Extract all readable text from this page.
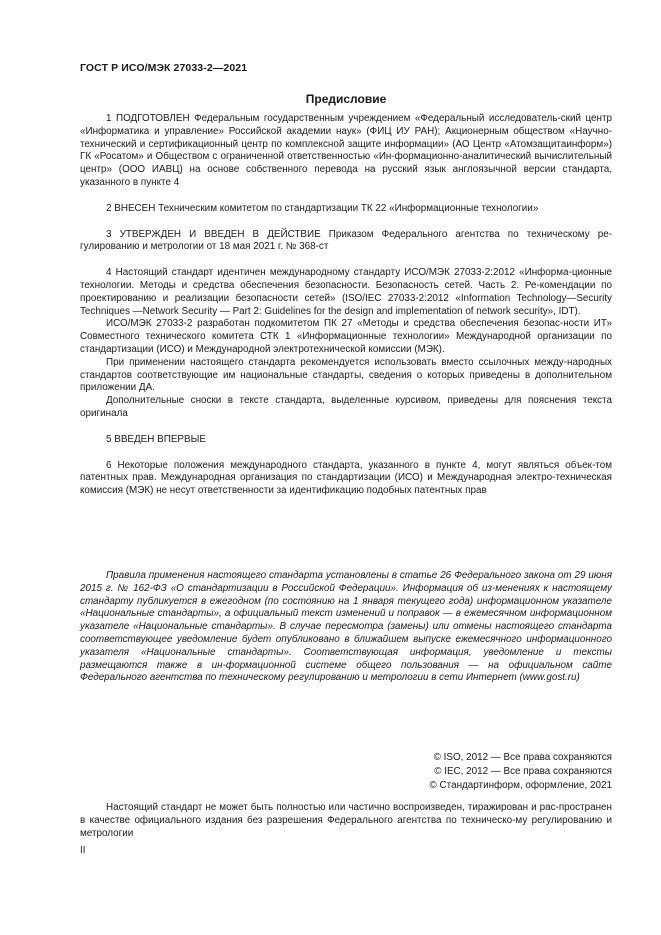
ГОСТ Р ИСО/МЭК 27033-2—2021
Предисловие

1 ПОДГОТОВЛЕН Федеральным государственным учреждением «Федеральный исследователь-ский центр «Информатика и управление» Российской академии наук» (ФИЦ ИУ РАН); Акционерным обществом «Научно-технический и сертификационный центр по комплексной защите информации» (АО Центр «Атомзащитаинформ») ГК «Росатом» и Обществом с ограниченной ответственностью «Ин-формационно-аналитический вычислительный центр» (ООО ИАВЦ) на основе собственного перевода на русский язык англоязычной версии стандарта, указанного в пункте 4

2 ВНЕСЕН Техническим комитетом по стандартизации ТК 22 «Информационные технологии»

3 УТВЕРЖДЕН И ВВЕДЕН В ДЕЙСТВИЕ Приказом Федерального агентства по техническому ре-гулированию и метрологии от 18 мая 2021 г. № 368-ст

4 Настоящий стандарт идентичен международному стандарту ИСО/МЭК 27033-2:2012 «Информа-ционные технологии. Методы и средства обеспечения безопасности. Безопасность сетей. Часть 2. Ре-комендации по проектированию и реализации безопасности сетей» (ISO/IEC 27033-2:2012 «Information Technology—Security Techniques —Network Security — Part 2: Guidelines for the design and implementation of network security», IDT).

ИСО/МЭК 27033-2 разработан подкомитетом ПК 27 «Методы и средства обеспечения безопас-ности ИТ» Совместного технического комитета СТК 1 «Информационные технологии» Международной организации по стандартизации (ИСО) и Международной электротехнической комиссии (МЭК).

При применении настоящего стандарта рекомендуется использовать вместо ссылочных между-народных стандартов соответствующие им национальные стандарты, сведения о которых приведены в дополнительном приложении ДА.

Дополнительные сноски в тексте стандарта, выделенные курсивом, приведены для пояснения текста оригинала

5 ВВЕДЕН ВПЕРВЫЕ

6 Некоторые положения международного стандарта, указанного в пункте 4, могут являться объек-том патентных прав. Международная организация по стандартизации (ИСО) и Международная электро-техническая комиссия (МЭК) не несут ответственности за идентификацию подобных патентных прав

Правила применения настоящего стандарта установлены в статье 26 Федерального закона от 29 июня 2015 г. № 162-ФЗ «О стандартизации в Российской Федерации». Информация об из-менениях к настоящему стандарту публикуется в ежегодном (по состоянию на 1 января текущего года) информационном указателе «Национальные стандарты», а официальный текст изменений и поправок — в ежемесячном информационном указателе «Национальные стандарты». В случае пересмотра (замены) или отмены настоящего стандарта соответствующее уведомление будет опубликовано в ближайшем выпуске ежемесячного информационного указателя «Национальные стандарты». Соответствующая информация, уведомление и тексты размещаются также в ин-формационной системе общего пользования — на официальном сайте Федерального агентства по техническому регулированию и метрологии в сети Интернет (www.gost.ru)

© ISO, 2012 — Все права сохраняются
© IEC, 2012 — Все права сохраняются
© Стандартинформ, оформление, 2021

Настоящий стандарт не может быть полностью или частично воспроизведен, тиражирован и рас-пространен в качестве официального издания без разрешения Федерального агентства по техническо-му регулированию и метрологии

II
